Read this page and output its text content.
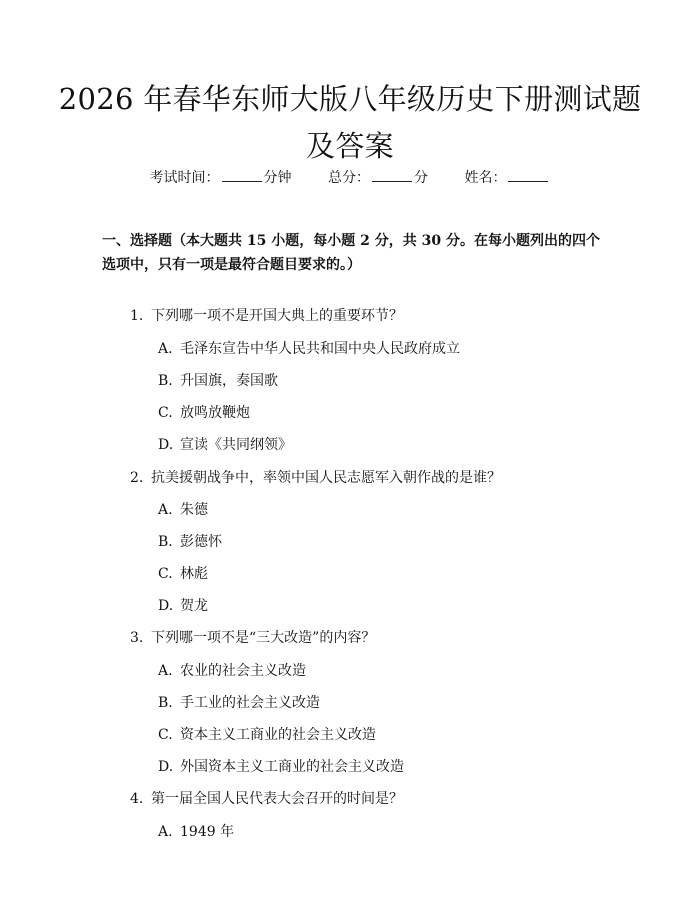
2026 年春华东师大版八年级历史下册测试题
及答案
考试时间：	分钟	总分：	分	姓名：

一、选择题（本大题共 15 小题，每小题 2 分，共 30 分。在每小题列出的四个选项中，只有一项是最符合题目要求的。）

1. 下列哪一项不是开国大典上的重要环节？
A. 毛泽东宣告中华人民共和国中央人民政府成立
B. 升国旗，奏国歌
C. 放鸣放鞭炮
D. 宣读《共同纲领》
2. 抗美援朝战争中，率领中国人民志愿军入朝作战的是谁？
A. 朱德
B. 彭德怀
C. 林彪
D. 贺龙
3. 下列哪一项不是“三大改造”的内容？
A. 农业的社会主义改造
B. 手工业的社会主义改造
C. 资本主义工商业的社会主义改造
D. 外国资本主义工商业的社会主义改造
4. 第一届全国人民代表大会召开的时间是？
A. 1949 年
